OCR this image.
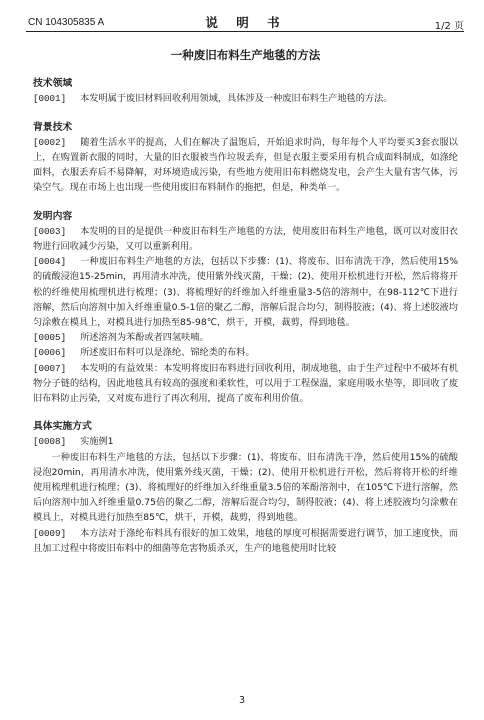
CN 104305835 A	说 明 书	1/2 页
一种废旧布料生产地毯的方法
技术领域

[0001] 本发明属于废旧材料回收利用领域，具体涉及一种废旧布料生产地毯的方法。

背景技术

[0002] 随着生活水平的提高，人们在解决了温饱后，开始追求时尚，每年每个人平均要买3套衣服以上，在购置新衣服的同时，大量的旧衣服被当作垃圾丢弃，但是衣服主要采用有机合成面料制成，如涤纶面料，衣服丢弃后不易降解，对环境造成污染，有些地方使用旧布料燃烧发电，会产生大量有害气体，污染空气。现在市场上也出现一些使用废旧布料制作的拖把，但是，种类单一。

发明内容

[0003] 本发明的目的是提供一种废旧布料生产地毯的方法，使用废旧布料生产地毯，既可以对废旧衣物进行回收减少污染，又可以重新利用。

[0004] 一种废旧布料生产地毯的方法，包括以下步骤：(1)、将废布、旧布清洗干净，然后使用15%的硫酸浸泡15-25min，再用清水冲洗，使用紫外线灭菌，干燥；(2)、使用开松机进行开松，然后将将开松的纤维使用梳理机进行梳理；(3)、将梳理好的纤维加入纤维重量3-5倍的溶剂中，在98-112℃下进行溶解，然后向溶剂中加入纤维重量0.5-1倍的聚乙二醇，溶解后混合均匀，制得胶液；(4)、将上述胶液均匀涂敷在模具上，对模具进行加热至85-98℃，烘干，开模，裁剪，得到地毯。

[0005] 所述溶剂为苯酚或者四氢呋喃。

[0006] 所述废旧布料可以是涤纶、锦纶类的布料。

[0007] 本发明的有益效果：本发明将废旧布料进行回收利用，制成地毯，由于生产过程中不破坏有机物分子链的结构，因此地毯具有较高的强度和柔软性，可以用于工程保温，家庭用吸水垫等，即回收了废旧布料防止污染，又对废布进行了再次利用，提高了废布利用价值。

具体实施方式

[0008] 实施例1

一种废旧布料生产地毯的方法，包括以下步骤：(1)、将废布、旧布清洗干净，然后使用15%的硫酸浸泡20min，再用清水冲洗，使用紫外线灭菌，干燥；(2)、使用开松机进行开松，然后将将开松的纤维使用梳理机进行梳理；(3)、将梳理好的纤维加入纤维重量3.5倍的苯酚溶剂中，在105℃下进行溶解，然后向溶剂中加入纤维重量0.75倍的聚乙二醇，溶解后混合均匀，制得胶液；(4)、将上述胶液均匀涂敷在模具上，对模具进行加热至85℃，烘干，开模，裁剪，得到地毯。

[0009] 本方法对于涤纶布料具有很好的加工效果，地毯的厚度可根据需要进行调节，加工速度快，而且加工过程中将废旧布料中的细菌等危害物质杀灭，生产的地毯使用时比较

3
